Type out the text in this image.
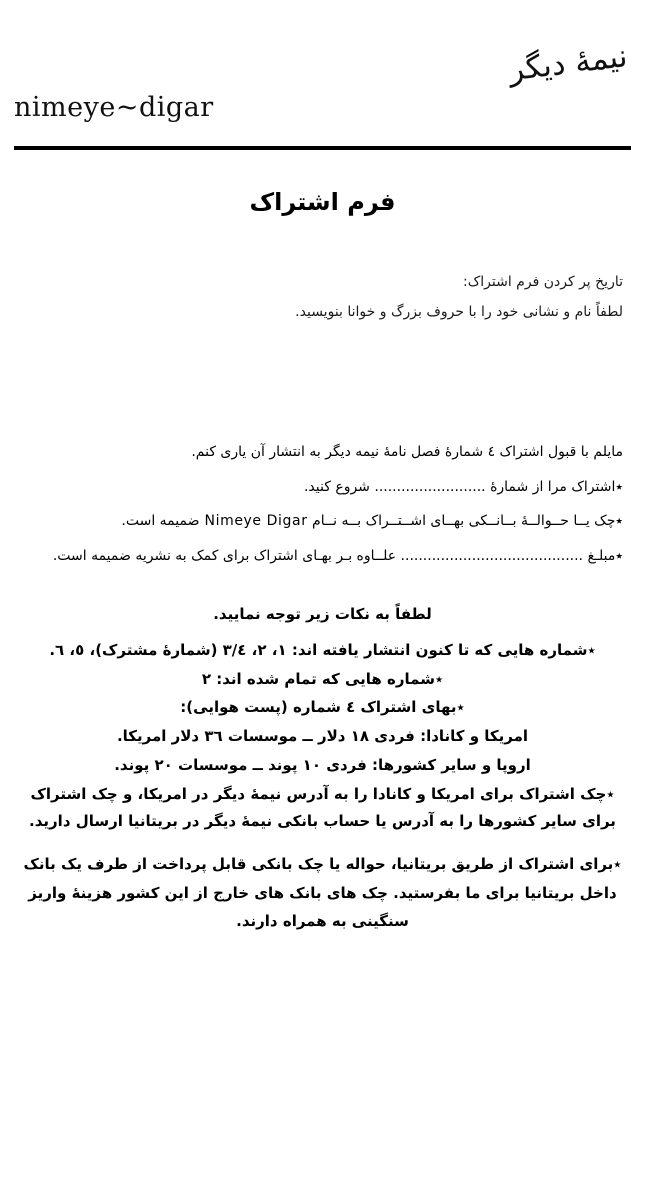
nimeye~digar
نیمهٔ دیگر
فرم اشتراک
تاریخ پر کردن فرم اشتراک:
لطفاً نام و نشانی خود را با حروف بزرگ و خوانا بنویسید.
مایلم با قبول اشتراک ٤ شمارهٔ فصل نامهٔ نیمه دیگر به انتشار آن یاری کنم.
٭اشتراک مرا از شمارهٔ ......................... شروع کنید.
٭چک یــا حــوالــهٔ بــانــکی بهــای اشــتــراک بــه نــام Nimeye Digar ضمیمه است.
٭مبلـغ ......................................... علــاوه بـر بهـای اشتراک برای کمک به نشریه ضمیمه است.
لطفاً به نکات زیر توجه نمایید.
٭شماره هایی که تا کنون انتشار یافته اند: ١، ٢، ٣/٤ (شمارهٔ مشترک)، ٥، ٦.
٭شماره هایی که تمام شده اند: ٢
٭بهای اشتراک ٤ شماره (پست هوایی):
امریکا و کانادا: فردی ١٨ دلار ــ موسسات ٣٦ دلار امریکا.
اروپا و سایر کشورها: فردی ١٠ پوند ــ موسسات ٢٠ پوند.
٭چک اشتراک برای امریکا و کانادا را به آدرس نیمهٔ دیگر در امریکا، و چک اشتراک برای سایر کشورها را به آدرس یا حساب بانکی نیمهٔ دیگر در بریتانیا ارسال دارید.
٭برای اشتراک از طریق بریتانیا، حواله یا چک بانکی قابل پرداخت از طرف یک بانک داخل بریتانیا برای ما بفرستید. چک های بانک های خارج از این کشور هزینهٔ واریز سنگینی به همراه دارند.
